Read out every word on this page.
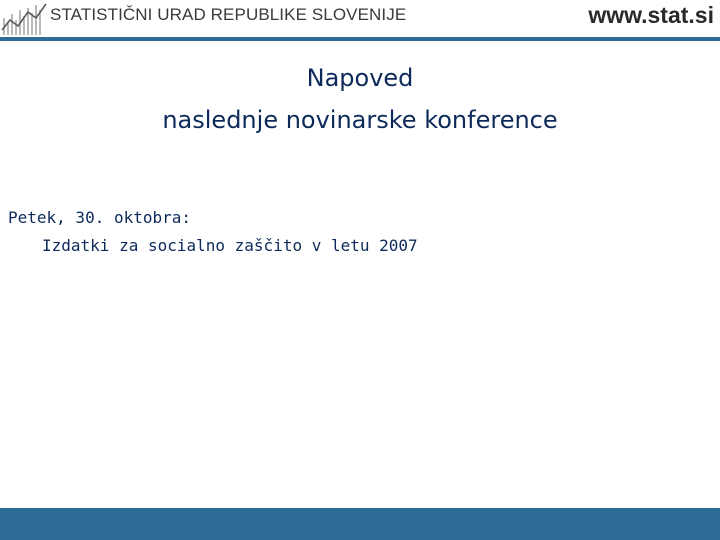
STATISTIČNI URAD REPUBLIKE SLOVENIJE	www.stat.si
Napoved
naslednje novinarske konference
Petek, 30. oktobra:
Izdatki za socialno zaščito v letu 2007
